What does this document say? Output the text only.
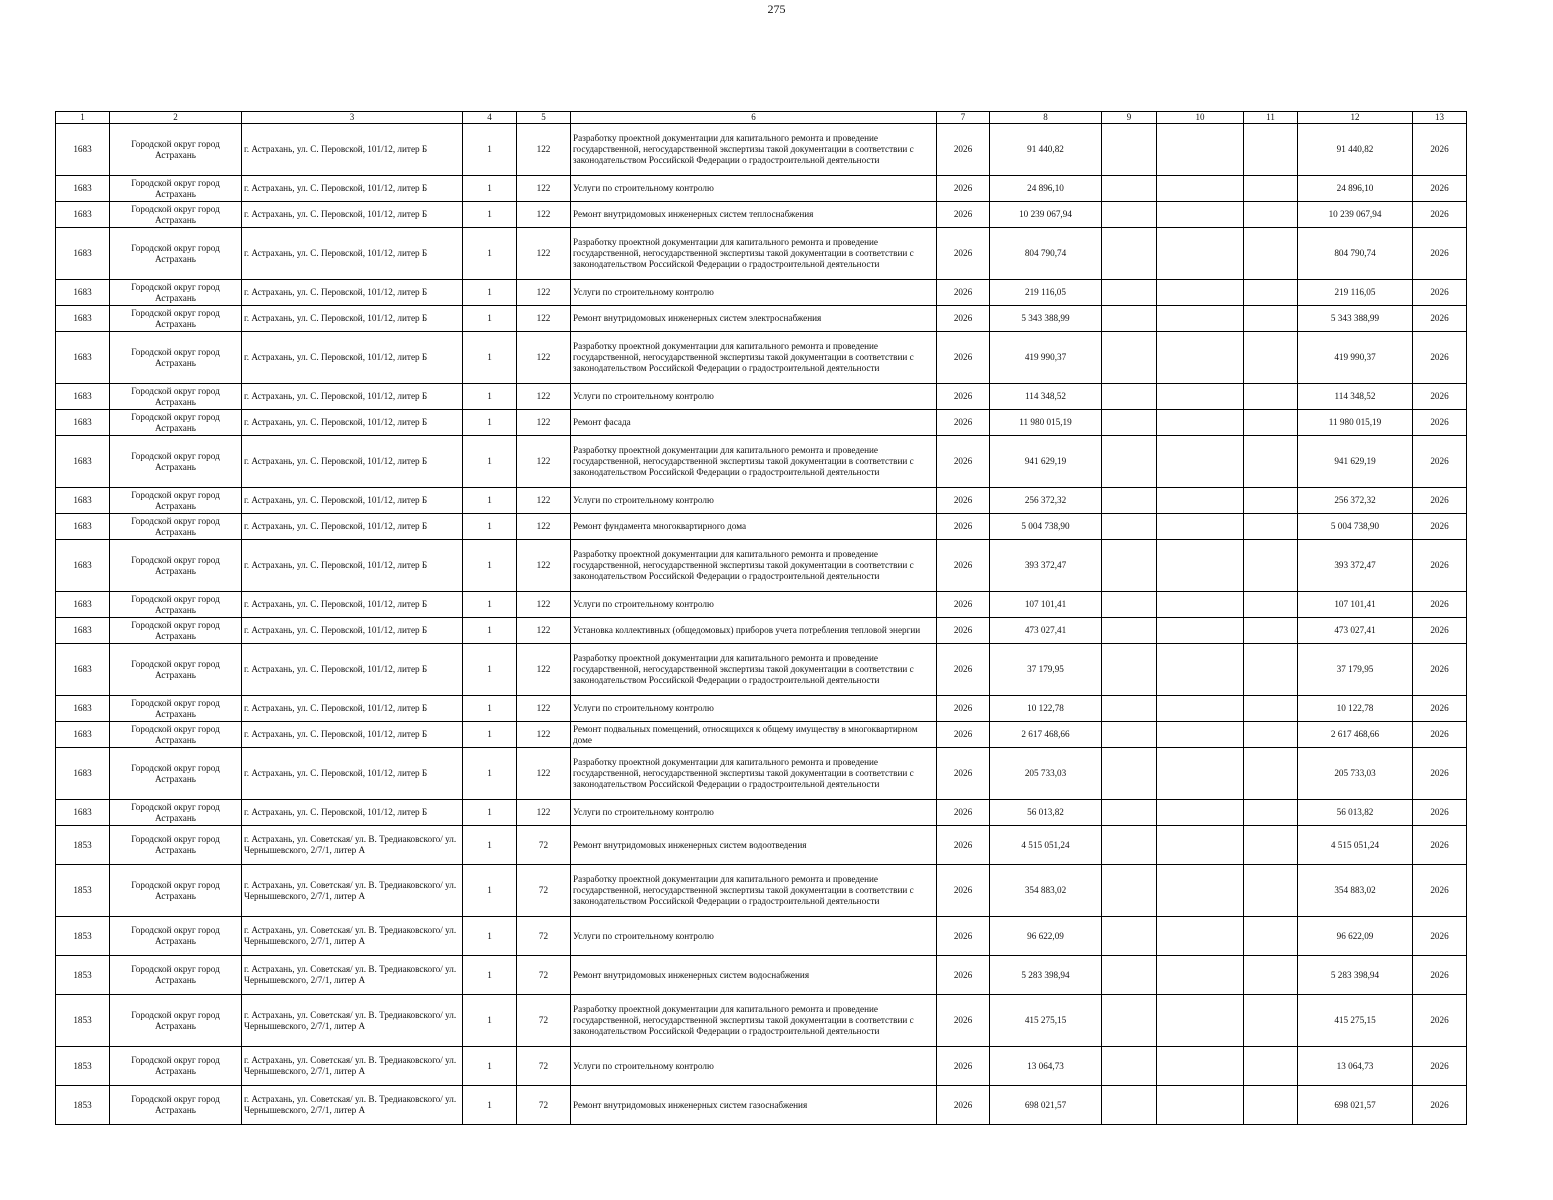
275
1	2	3	4	5	6	7	8	9	10	11	12	13
1683	Городской округ город Астрахань	г. Астрахань, ул. С. Перовской, 101/12, литер Б	1	122	Разработку проектной документации для капитального ремонта и проведение государственной, негосударственной экспертизы такой документации в соответствии с законодательством Российской Федерации о градостроительной деятельности	2026	91 440,82				91 440,82	2026
1683	Городской округ город Астрахань	г. Астрахань, ул. С. Перовской, 101/12, литер Б	1	122	Услуги по строительному контролю	2026	24 896,10				24 896,10	2026
1683	Городской округ город Астрахань	г. Астрахань, ул. С. Перовской, 101/12, литер Б	1	122	Ремонт внутридомовых инженерных систем теплоснабжения	2026	10 239 067,94				10 239 067,94	2026
1683	Городской округ город Астрахань	г. Астрахань, ул. С. Перовской, 101/12, литер Б	1	122	Разработку проектной документации для капитального ремонта и проведение государственной, негосударственной экспертизы такой документации в соответствии с законодательством Российской Федерации о градостроительной деятельности	2026	804 790,74				804 790,74	2026
1683	Городской округ город Астрахань	г. Астрахань, ул. С. Перовской, 101/12, литер Б	1	122	Услуги по строительному контролю	2026	219 116,05				219 116,05	2026
1683	Городской округ город Астрахань	г. Астрахань, ул. С. Перовской, 101/12, литер Б	1	122	Ремонт внутридомовых инженерных систем электроснабжения	2026	5 343 388,99				5 343 388,99	2026
1683	Городской округ город Астрахань	г. Астрахань, ул. С. Перовской, 101/12, литер Б	1	122	Разработку проектной документации для капитального ремонта и проведение государственной, негосударственной экспертизы такой документации в соответствии с законодательством Российской Федерации о градостроительной деятельности	2026	419 990,37				419 990,37	2026
1683	Городской округ город Астрахань	г. Астрахань, ул. С. Перовской, 101/12, литер Б	1	122	Услуги по строительному контролю	2026	114 348,52				114 348,52	2026
1683	Городской округ город Астрахань	г. Астрахань, ул. С. Перовской, 101/12, литер Б	1	122	Ремонт фасада	2026	11 980 015,19				11 980 015,19	2026
1683	Городской округ город Астрахань	г. Астрахань, ул. С. Перовской, 101/12, литер Б	1	122	Разработку проектной документации для капитального ремонта и проведение государственной, негосударственной экспертизы такой документации в соответствии с законодательством Российской Федерации о градостроительной деятельности	2026	941 629,19				941 629,19	2026
1683	Городской округ город Астрахань	г. Астрахань, ул. С. Перовской, 101/12, литер Б	1	122	Услуги по строительному контролю	2026	256 372,32				256 372,32	2026
1683	Городской округ город Астрахань	г. Астрахань, ул. С. Перовской, 101/12, литер Б	1	122	Ремонт фундамента многоквартирного дома	2026	5 004 738,90				5 004 738,90	2026
1683	Городской округ город Астрахань	г. Астрахань, ул. С. Перовской, 101/12, литер Б	1	122	Разработку проектной документации для капитального ремонта и проведение государственной, негосударственной экспертизы такой документации в соответствии с законодательством Российской Федерации о градостроительной деятельности	2026	393 372,47				393 372,47	2026
1683	Городской округ город Астрахань	г. Астрахань, ул. С. Перовской, 101/12, литер Б	1	122	Услуги по строительному контролю	2026	107 101,41				107 101,41	2026
1683	Городской округ город Астрахань	г. Астрахань, ул. С. Перовской, 101/12, литер Б	1	122	Установка коллективных (общедомовых) приборов учета потребления тепловой энергии	2026	473 027,41				473 027,41	2026
1683	Городской округ город Астрахань	г. Астрахань, ул. С. Перовской, 101/12, литер Б	1	122	Разработку проектной документации для капитального ремонта и проведение государственной, негосударственной экспертизы такой документации в соответствии с законодательством Российской Федерации о градостроительной деятельности	2026	37 179,95				37 179,95	2026
1683	Городской округ город Астрахань	г. Астрахань, ул. С. Перовской, 101/12, литер Б	1	122	Услуги по строительному контролю	2026	10 122,78				10 122,78	2026
1683	Городской округ город Астрахань	г. Астрахань, ул. С. Перовской, 101/12, литер Б	1	122	Ремонт подвальных помещений, относящихся к общему имуществу в многоквартирном доме	2026	2 617 468,66				2 617 468,66	2026
1683	Городской округ город Астрахань	г. Астрахань, ул. С. Перовской, 101/12, литер Б	1	122	Разработку проектной документации для капитального ремонта и проведение государственной, негосударственной экспертизы такой документации в соответствии с законодательством Российской Федерации о градостроительной деятельности	2026	205 733,03				205 733,03	2026
1683	Городской округ город Астрахань	г. Астрахань, ул. С. Перовской, 101/12, литер Б	1	122	Услуги по строительному контролю	2026	56 013,82				56 013,82	2026
1853	Городской округ город Астрахань	г. Астрахань, ул. Советская/ ул. В. Тредиаковского/ ул. Чернышевского, 2/7/1, литер А	1	72	Ремонт внутридомовых инженерных систем водоотведения	2026	4 515 051,24				4 515 051,24	2026
1853	Городской округ город Астрахань	г. Астрахань, ул. Советская/ ул. В. Тредиаковского/ ул. Чернышевского, 2/7/1, литер А	1	72	Разработку проектной документации для капитального ремонта и проведение государственной, негосударственной экспертизы такой документации в соответствии с законодательством Российской Федерации о градостроительной деятельности	2026	354 883,02				354 883,02	2026
1853	Городской округ город Астрахань	г. Астрахань, ул. Советская/ ул. В. Тредиаковского/ ул. Чернышевского, 2/7/1, литер А	1	72	Услуги по строительному контролю	2026	96 622,09				96 622,09	2026
1853	Городской округ город Астрахань	г. Астрахань, ул. Советская/ ул. В. Тредиаковского/ ул. Чернышевского, 2/7/1, литер А	1	72	Ремонт внутридомовых инженерных систем водоснабжения	2026	5 283 398,94				5 283 398,94	2026
1853	Городской округ город Астрахань	г. Астрахань, ул. Советская/ ул. В. Тредиаковского/ ул. Чернышевского, 2/7/1, литер А	1	72	Разработку проектной документации для капитального ремонта и проведение государственной, негосударственной экспертизы такой документации в соответствии с законодательством Российской Федерации о градостроительной деятельности	2026	415 275,15				415 275,15	2026
1853	Городской округ город Астрахань	г. Астрахань, ул. Советская/ ул. В. Тредиаковского/ ул. Чернышевского, 2/7/1, литер А	1	72	Услуги по строительному контролю	2026	13 064,73				13 064,73	2026
1853	Городской округ город Астрахань	г. Астрахань, ул. Советская/ ул. В. Тредиаковского/ ул. Чернышевского, 2/7/1, литер А	1	72	Ремонт внутридомовых инженерных систем газоснабжения	2026	698 021,57				698 021,57	2026
